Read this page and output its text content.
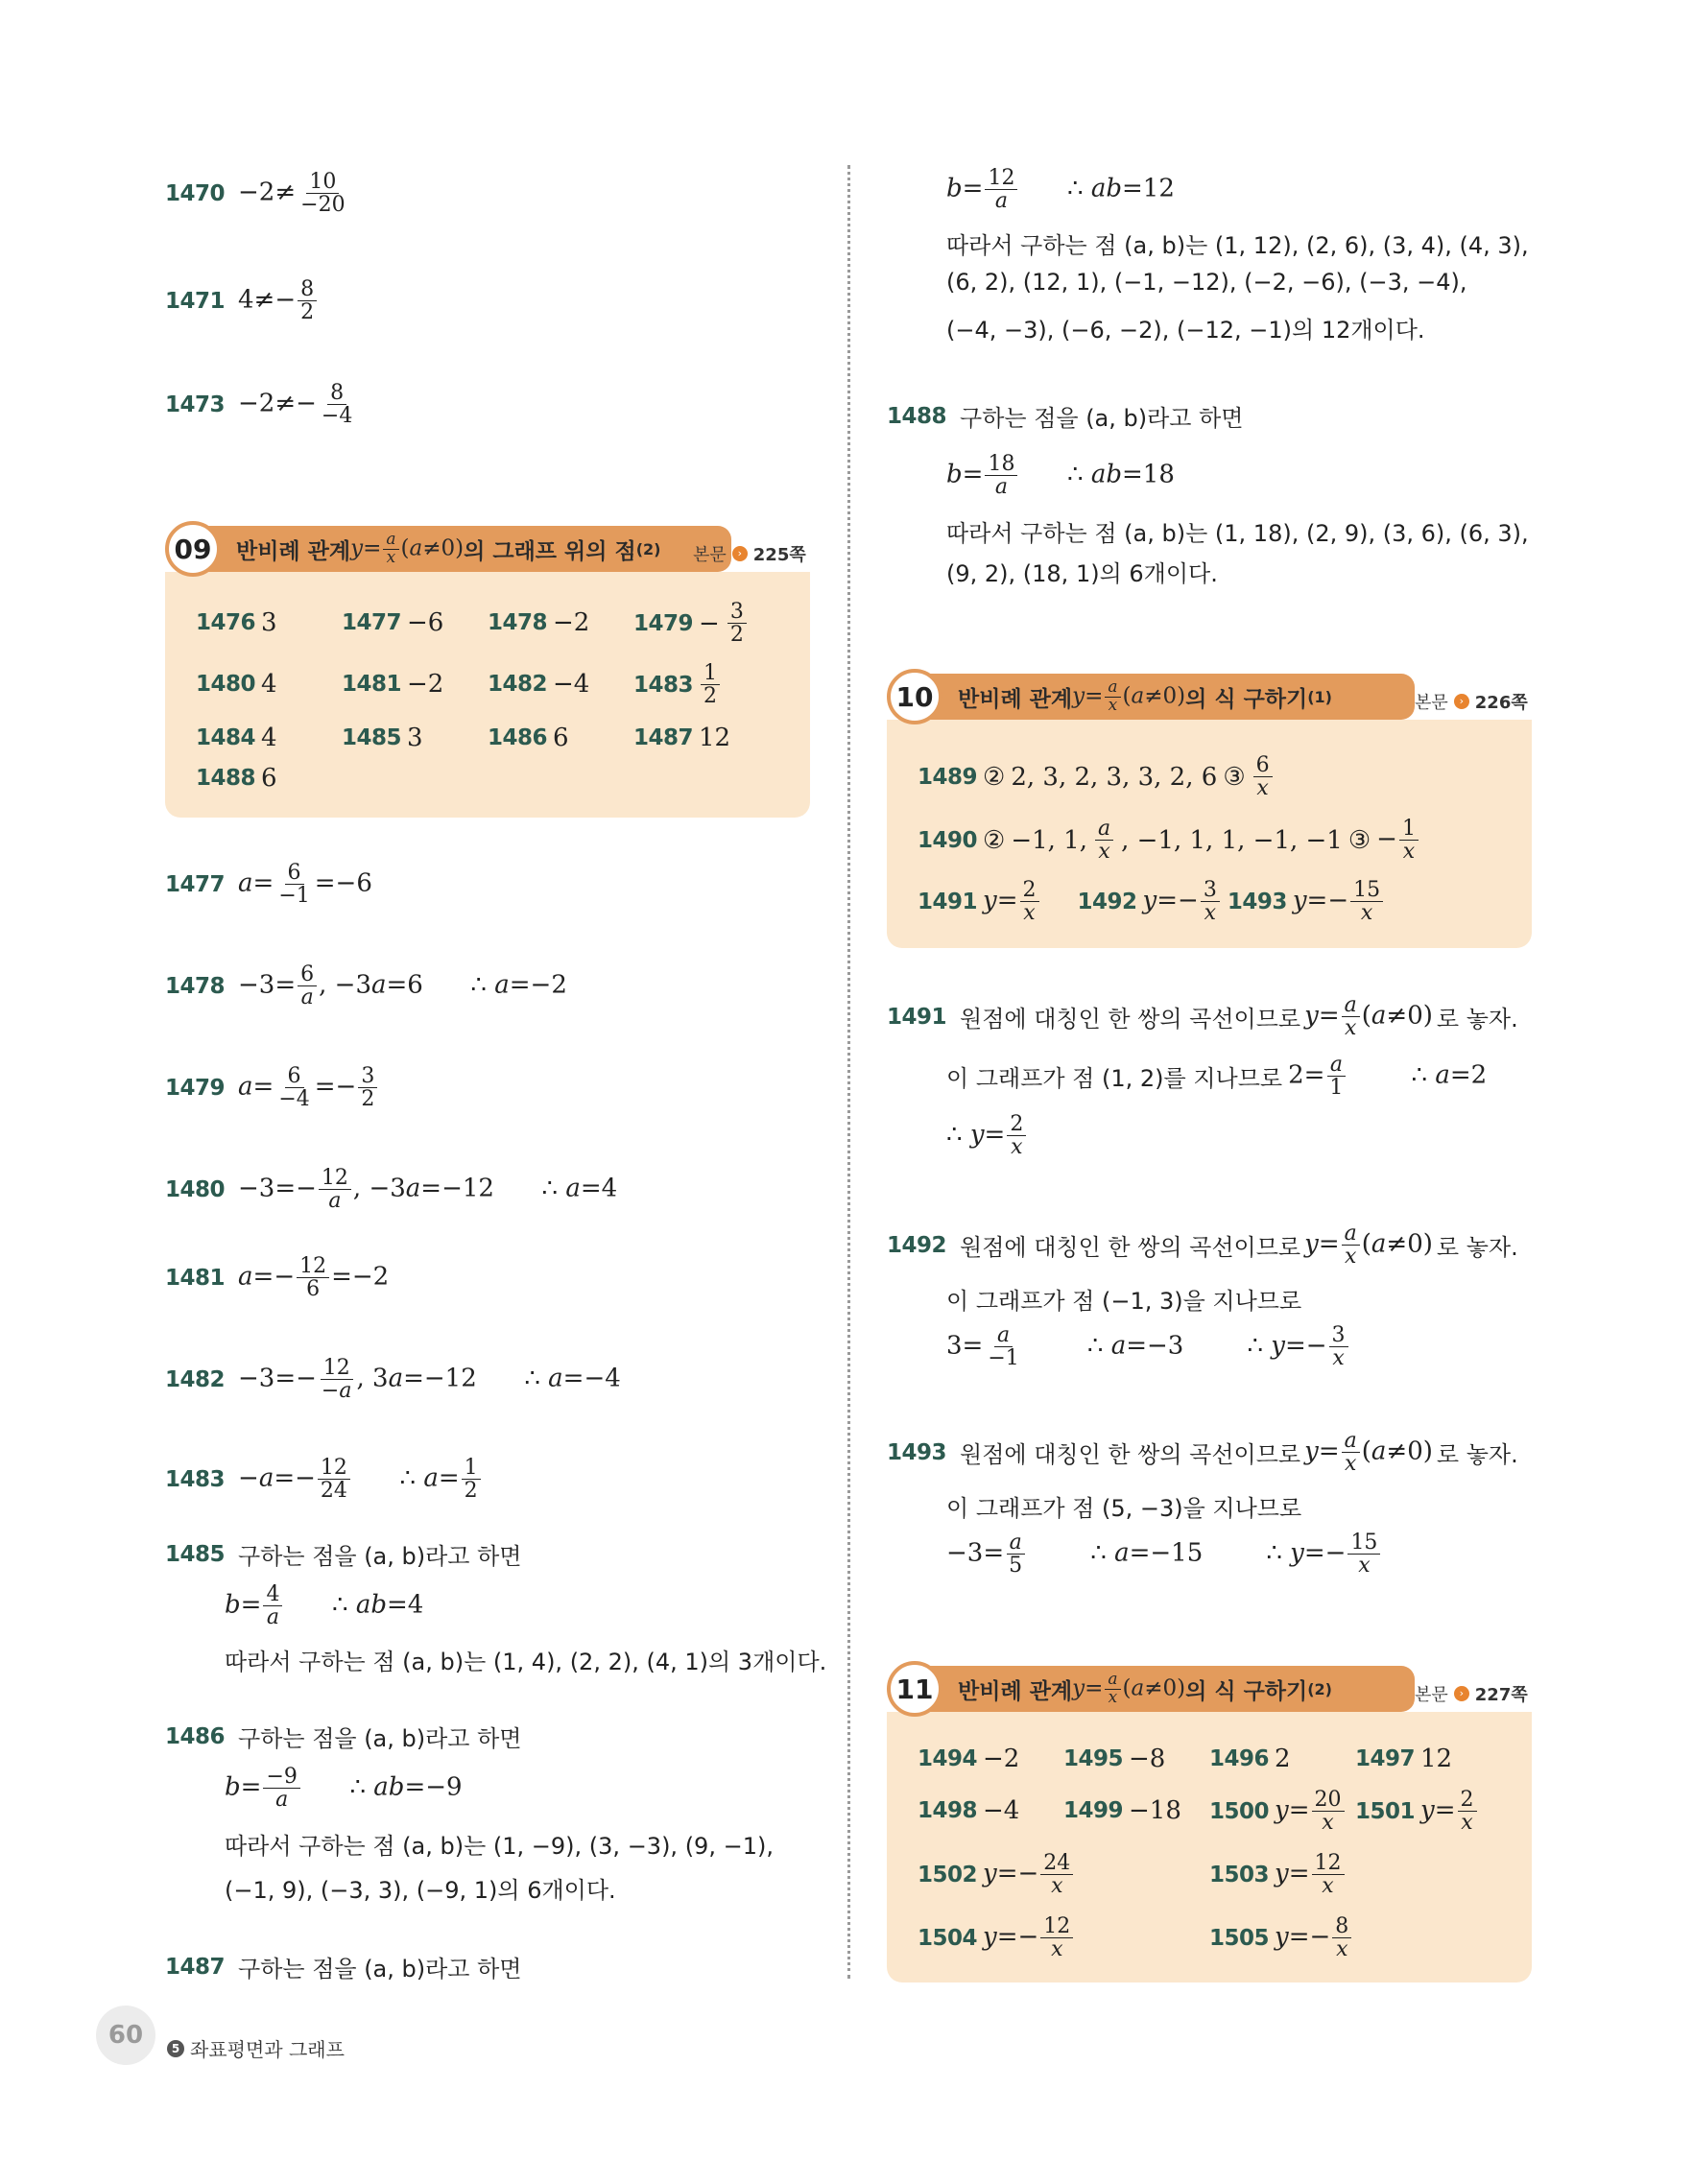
$1470 -2\ne \frac{10}{-20}$
1471 $4\ne- \frac{8}{2}$
$1473 -2\ne- \frac{8}{-4}$
09	반비례 관계 $y= \frac{a}{x} (a\ne 0)$ 의 그래프 위의 점 (2) 본문	› 225쪽
1476 3	1477 −6 1478 −2 $1479 - \frac{3}{2}$
1480 4	1481 −2 1482 −4 $1483 \frac{1}{2}$
1484 4	1485 3	1486 6	1487 12
1488 6
1477 $a= \frac{6}{-1} =-6$
$1478 -3= \frac{6}{a}$ , −3a=6      ∴ a=−2
1479 $a= \frac{6}{-4} =- \frac{3}{2}$
$1480 -3=- \frac{12}{a}$ , −3a=−12      ∴ a=4
1481 $a=- \frac{12}{6} =-2$
$1482 -3=- \frac{12}{-a}$ , 3a=−12      ∴ a=−4
$1483 -a=- \frac{12}{24}$ ∴ $a= \frac{1}{2}$
1485 구하는 점을 (a, b)라고 하면
$b= \frac{4}{a}$ ∴ ab=4
따라서 구하는 점 (a, b)는 (1, 4), (2, 2), (4, 1)의 3개이다.
1486 구하는 점을 (a, b)라고 하면
$b= \frac{-9}{a}$ ∴ ab=−9
따라서 구하는 점 (a, b)는 (1, −9), (3, −3), (9, −1),
(−1, 9), (−3, 3), (−9, 1)의 6개이다.
1487 구하는 점을 (a, b)라고 하면
$b= \frac{12}{a}$ ∴ ab=12
따라서 구하는 점 (a, b)는 (1, 12), (2, 6), (3, 4), (4, 3),
(6, 2), (12, 1), (−1, −12), (−2, −6), (−3, −4),
(−4, −3), (−6, −2), (−12, −1)의 12개이다.
1488 구하는 점을 (a, b)라고 하면
$b= \frac{18}{a}$ ∴ ab=18
따라서 구하는 점 (a, b)는 (1, 18), (2, 9), (3, 6), (6, 3),
(9, 2), (18, 1)의 6개이다.
10	반비례 관계 $y= \frac{a}{x} (a\ne 0)$ 의 식 구하기 (1)	본문	› 226쪽
1489 ② 2, 3, 2, 3, 3, 2, 6 ③ $\frac{6}{x}$
1490 ② −1, 1, $\frac{a}{x}$ , −1, 1, 1, −1, −1 ③ − $\frac{1}{x}$
1491 $y= \frac{2}{x} 1492$ $y=- \frac{3}{x} 1493$ $y=- \frac{15}{x}$
1491 원점에 대칭인 한 쌍의 곡선이므로 $y= \frac{a}{x} (a\ne 0)$ 로 놓자.
이 그래프가 점 (1, 2)를 지나므로 $2= \frac{a}{1}$ ∴ a=2
∴ $y= \frac{2}{x}$
1492 원점에 대칭인 한 쌍의 곡선이므로 $y= \frac{a}{x} (a\ne 0)$ 로 놓자.
이 그래프가 점 (−1, 3)을 지나므로
$3= \frac{a}{-1}$ ∴ a=−3        ∴ $y=- \frac{3}{x}$
1493 원점에 대칭인 한 쌍의 곡선이므로 $y= \frac{a}{x} (a\ne 0)$ 로 놓자.
이 그래프가 점 (5, −3)을 지나므로
$-3= \frac{a}{5}$ ∴ a=−15        ∴ $y=- \frac{15}{x}$
11	반비례 관계 $y= \frac{a}{x} (a\ne 0)$ 의 식 구하기 (2)	본문	› 227쪽
1494 −2 1495 −8 1496 2	1497 12
1498 −4 1499 −18 1500 $y= \frac{20}{x} 1501$ $y= \frac{2}{x}$
1502 $y=- \frac{24}{x}$	1503 $y= \frac{12}{x}$
1504 $y=- \frac{12}{x}$	1505 $y=- \frac{8}{x}$
60	5 좌표평면과 그래프
